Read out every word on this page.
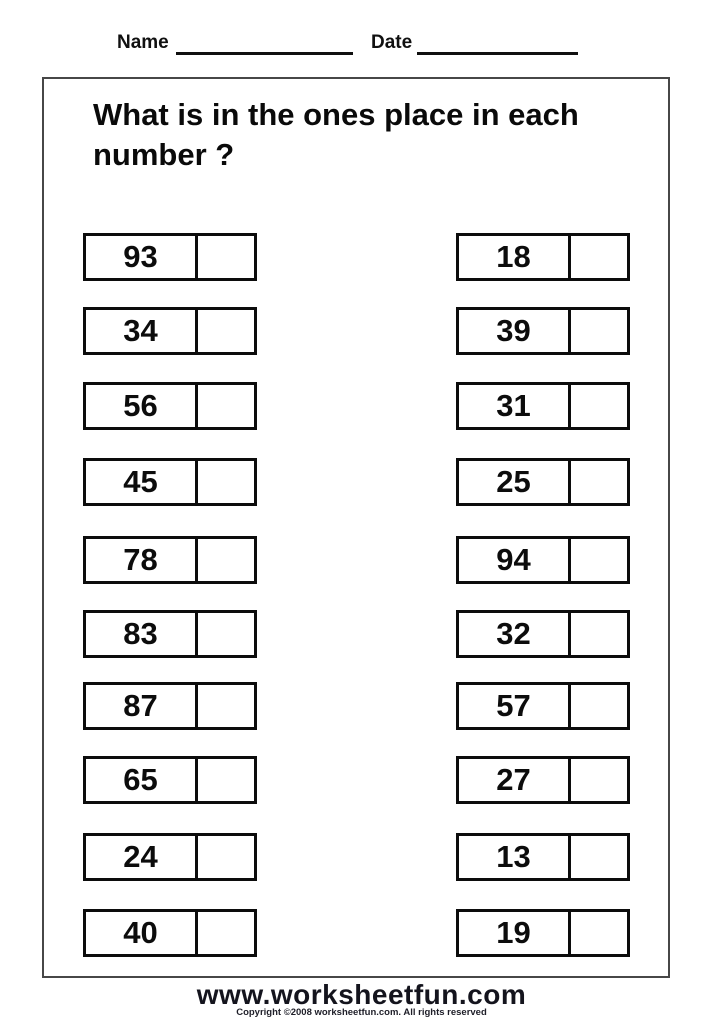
Name	Date
What is in the ones place in each number ?
93
34
56
45
78
83
87
65
24
40
18
39
31
25
94
32
57
27
13
19
www.worksheetfun.com
Copyright ©2008 worksheetfun.com. All rights reserved
